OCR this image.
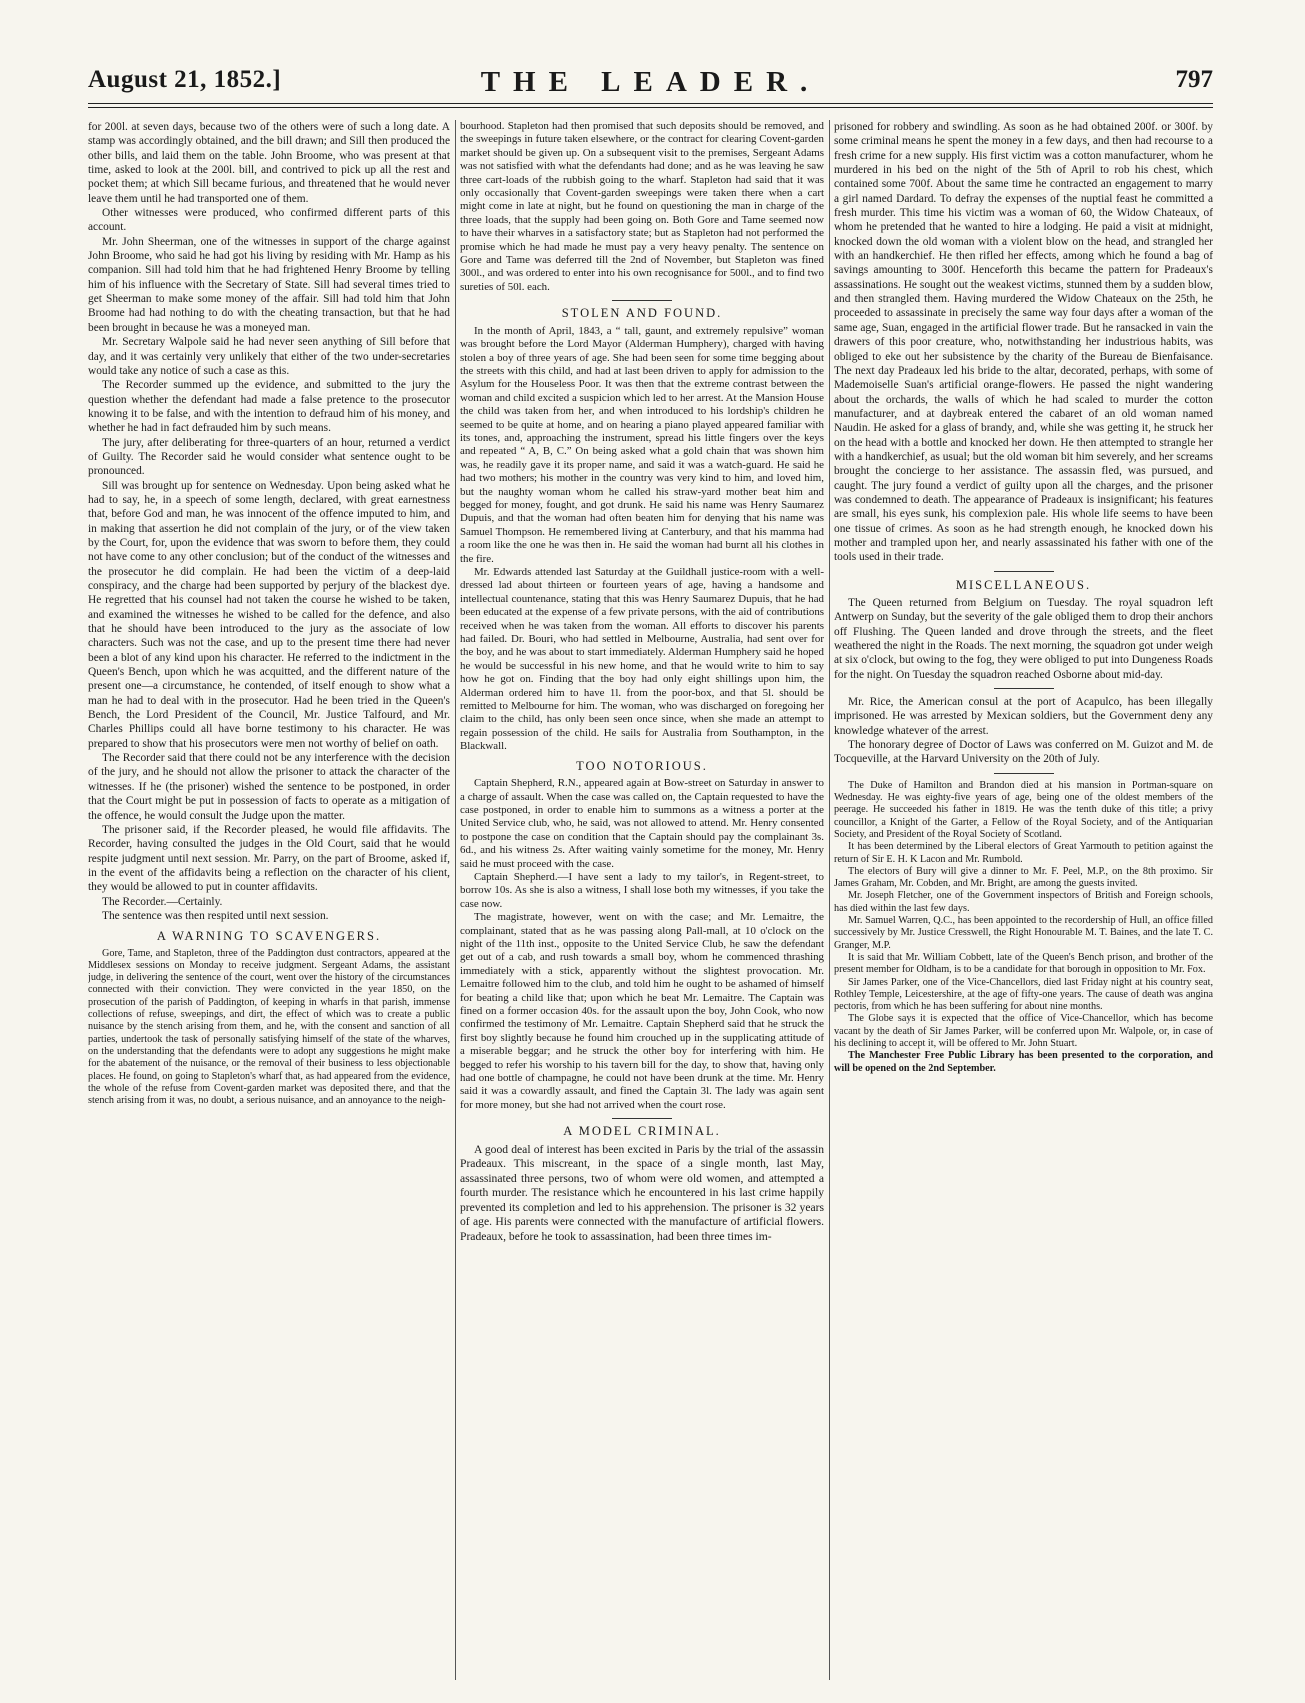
August 21, 1852.]	THE LEADER.	797

for 200l. at seven days, because two of the others were of such a long date. A stamp was accordingly obtained, and the bill drawn; and Sill then produced the other bills, and laid them on the table. John Broome, who was present at that time, asked to look at the 200l. bill, and contrived to pick up all the rest and pocket them; at which Sill became furious, and threatened that he would never leave them until he had transported one of them.

Other witnesses were produced, who confirmed different parts of this account.

Mr. John Sheerman, one of the witnesses in support of the charge against John Broome, who said he had got his living by residing with Mr. Hamp as his companion. Sill had told him that he had frightened Henry Broome by telling him of his influence with the Secretary of State. Sill had several times tried to get Sheerman to make some money of the affair. Sill had told him that John Broome had had nothing to do with the cheating transaction, but that he had been brought in because he was a moneyed man.

Mr. Secretary Walpole said he had never seen anything of Sill before that day, and it was certainly very unlikely that either of the two under-secretaries would take any notice of such a case as this.

The Recorder summed up the evidence, and submitted to the jury the question whether the defendant had made a false pretence to the prosecutor knowing it to be false, and with the intention to defraud him of his money, and whether he had in fact defrauded him by such means.

The jury, after deliberating for three-quarters of an hour, returned a verdict of Guilty. The Recorder said he would consider what sentence ought to be pronounced.

Sill was brought up for sentence on Wednesday. Upon being asked what he had to say, he, in a speech of some length, declared, with great earnestness that, before God and man, he was innocent of the offence imputed to him, and in making that assertion he did not complain of the jury, or of the view taken by the Court, for, upon the evidence that was sworn to before them, they could not have come to any other conclusion; but of the conduct of the witnesses and the prosecutor he did complain. He had been the victim of a deep-laid conspiracy, and the charge had been supported by perjury of the blackest dye. He regretted that his counsel had not taken the course he wished to be taken, and examined the witnesses he wished to be called for the defence, and also that he should have been introduced to the jury as the associate of low characters. Such was not the case, and up to the present time there had never been a blot of any kind upon his character. He referred to the indictment in the Queen's Bench, upon which he was acquitted, and the different nature of the present one—a circumstance, he contended, of itself enough to show what a man he had to deal with in the prosecutor. Had he been tried in the Queen's Bench, the Lord President of the Council, Mr. Justice Talfourd, and Mr. Charles Phillips could all have borne testimony to his character. He was prepared to show that his prosecutors were men not worthy of belief on oath.

The Recorder said that there could not be any interference with the decision of the jury, and he should not allow the prisoner to attack the character of the witnesses. If he (the prisoner) wished the sentence to be postponed, in order that the Court might be put in possession of facts to operate as a mitigation of the offence, he would consult the Judge upon the matter.

The prisoner said, if the Recorder pleased, he would file affidavits. The Recorder, having consulted the judges in the Old Court, said that he would respite judgment until next session. Mr. Parry, on the part of Broome, asked if, in the event of the affidavits being a reflection on the character of his client, they would be allowed to put in counter affidavits.

The Recorder.—Certainly.

The sentence was then respited until next session.

A WARNING TO SCAVENGERS.

Gore, Tame, and Stapleton, three of the Paddington dust contractors, appeared at the Middlesex sessions on Monday to receive judgment. Sergeant Adams, the assistant judge, in delivering the sentence of the court, went over the history of the circumstances connected with their conviction. They were convicted in the year 1850, on the prosecution of the parish of Paddington, of keeping in wharfs in that parish, immense collections of refuse, sweepings, and dirt, the effect of which was to create a public nuisance by the stench arising from them, and he, with the consent and sanction of all parties, undertook the task of personally satisfying himself of the state of the wharves, on the understanding that the defendants were to adopt any suggestions he might make for the abatement of the nuisance, or the removal of their business to less objectionable places. He found, on going to Stapleton's wharf that, as had appeared from the evidence, the whole of the refuse from Covent-garden market was deposited there, and that the stench arising from it was, no doubt, a serious nuisance, and an annoyance to the neigh-

bourhood. Stapleton had then promised that such deposits should be removed, and the sweepings in future taken elsewhere, or the contract for clearing Covent-garden market should be given up. On a subsequent visit to the premises, Sergeant Adams was not satisfied with what the defendants had done; and as he was leaving he saw three cart-loads of the rubbish going to the wharf. Stapleton had said that it was only occasionally that Covent-garden sweepings were taken there when a cart might come in late at night, but he found on questioning the man in charge of the three loads, that the supply had been going on. Both Gore and Tame seemed now to have their wharves in a satisfactory state; but as Stapleton had not performed the promise which he had made he must pay a very heavy penalty. The sentence on Gore and Tame was deferred till the 2nd of November, but Stapleton was fined 300l., and was ordered to enter into his own recognisance for 500l., and to find two sureties of 50l. each.

STOLEN AND FOUND.

In the month of April, 1843, a “ tall, gaunt, and extremely repulsive” woman was brought before the Lord Mayor (Alderman Humphery), charged with having stolen a boy of three years of age. She had been seen for some time begging about the streets with this child, and had at last been driven to apply for admission to the Asylum for the Houseless Poor. It was then that the extreme contrast between the woman and child excited a suspicion which led to her arrest. At the Mansion House the child was taken from her, and when introduced to his lordship's children he seemed to be quite at home, and on hearing a piano played appeared familiar with its tones, and, approaching the instrument, spread his little fingers over the keys and repeated “ A, B, C.” On being asked what a gold chain that was shown him was, he readily gave it its proper name, and said it was a watch-guard. He said he had two mothers; his mother in the country was very kind to him, and loved him, but the naughty woman whom he called his straw-yard mother beat him and begged for money, fought, and got drunk. He said his name was Henry Saumarez Dupuis, and that the woman had often beaten him for denying that his name was Samuel Thompson. He remembered living at Canterbury, and that his mamma had a room like the one he was then in. He said the woman had burnt all his clothes in the fire.

Mr. Edwards attended last Saturday at the Guildhall justice-room with a well-dressed lad about thirteen or fourteen years of age, having a handsome and intellectual countenance, stating that this was Henry Saumarez Dupuis, that he had been educated at the expense of a few private persons, with the aid of contributions received when he was taken from the woman. All efforts to discover his parents had failed. Dr. Bouri, who had settled in Melbourne, Australia, had sent over for the boy, and he was about to start immediately. Alderman Humphery said he hoped he would be successful in his new home, and that he would write to him to say how he got on. Finding that the boy had only eight shillings upon him, the Alderman ordered him to have 1l. from the poor-box, and that 5l. should be remitted to Melbourne for him. The woman, who was discharged on foregoing her claim to the child, has only been seen once since, when she made an attempt to regain possession of the child. He sails for Australia from Southampton, in the Blackwall.

TOO NOTORIOUS.

Captain Shepherd, R.N., appeared again at Bow-street on Saturday in answer to a charge of assault. When the case was called on, the Captain requested to have the case postponed, in order to enable him to summons as a witness a porter at the United Service club, who, he said, was not allowed to attend. Mr. Henry consented to postpone the case on condition that the Captain should pay the complainant 3s. 6d., and his witness 2s. After waiting vainly sometime for the money, Mr. Henry said he must proceed with the case.

Captain Shepherd.—I have sent a lady to my tailor's, in Regent-street, to borrow 10s. As she is also a witness, I shall lose both my witnesses, if you take the case now.

The magistrate, however, went on with the case; and Mr. Lemaitre, the complainant, stated that as he was passing along Pall-mall, at 10 o'clock on the night of the 11th inst., opposite to the United Service Club, he saw the defendant get out of a cab, and rush towards a small boy, whom he commenced thrashing immediately with a stick, apparently without the slightest provocation. Mr. Lemaitre followed him to the club, and told him he ought to be ashamed of himself for beating a child like that; upon which he beat Mr. Lemaitre. The Captain was fined on a former occasion 40s. for the assault upon the boy, John Cook, who now confirmed the testimony of Mr. Lemaitre. Captain Shepherd said that he struck the first boy slightly because he found him crouched up in the supplicating attitude of a miserable beggar; and he struck the other boy for interfering with him. He begged to refer his worship to his tavern bill for the day, to show that, having only had one bottle of champagne, he could not have been drunk at the time. Mr. Henry said it was a cowardly assault, and fined the Captain 3l. The lady was again sent for more money, but she had not arrived when the court rose.

A MODEL CRIMINAL.

A good deal of interest has been excited in Paris by the trial of the assassin Pradeaux. This miscreant, in the space of a single month, last May, assassinated three persons, two of whom were old women, and attempted a fourth murder. The resistance which he encountered in his last crime happily prevented its completion and led to his apprehension. The prisoner is 32 years of age. His parents were connected with the manufacture of artificial flowers. Pradeaux, before he took to assassination, had been three times im-

prisoned for robbery and swindling. As soon as he had obtained 200f. or 300f. by some criminal means he spent the money in a few days, and then had recourse to a fresh crime for a new supply. His first victim was a cotton manufacturer, whom he murdered in his bed on the night of the 5th of April to rob his chest, which contained some 700f. About the same time he contracted an engagement to marry a girl named Dardard. To defray the expenses of the nuptial feast he committed a fresh murder. This time his victim was a woman of 60, the Widow Chateaux, of whom he pretended that he wanted to hire a lodging. He paid a visit at midnight, knocked down the old woman with a violent blow on the head, and strangled her with an handkerchief. He then rifled her effects, among which he found a bag of savings amounting to 300f. Henceforth this became the pattern for Pradeaux's assassinations. He sought out the weakest victims, stunned them by a sudden blow, and then strangled them. Having murdered the Widow Chateaux on the 25th, he proceeded to assassinate in precisely the same way four days after a woman of the same age, Suan, engaged in the artificial flower trade. But he ransacked in vain the drawers of this poor creature, who, notwithstanding her industrious habits, was obliged to eke out her subsistence by the charity of the Bureau de Bienfaisance. The next day Pradeaux led his bride to the altar, decorated, perhaps, with some of Mademoiselle Suan's artificial orange-flowers. He passed the night wandering about the orchards, the walls of which he had scaled to murder the cotton manufacturer, and at daybreak entered the cabaret of an old woman named Naudin. He asked for a glass of brandy, and, while she was getting it, he struck her on the head with a bottle and knocked her down. He then attempted to strangle her with a handkerchief, as usual; but the old woman bit him severely, and her screams brought the concierge to her assistance. The assassin fled, was pursued, and caught. The jury found a verdict of guilty upon all the charges, and the prisoner was condemned to death. The appearance of Pradeaux is insignificant; his features are small, his eyes sunk, his complexion pale. His whole life seems to have been one tissue of crimes. As soon as he had strength enough, he knocked down his mother and trampled upon her, and nearly assassinated his father with one of the tools used in their trade.

MISCELLANEOUS.

The Queen returned from Belgium on Tuesday. The royal squadron left Antwerp on Sunday, but the severity of the gale obliged them to drop their anchors off Flushing. The Queen landed and drove through the streets, and the fleet weathered the night in the Roads. The next morning, the squadron got under weigh at six o'clock, but owing to the fog, they were obliged to put into Dungeness Roads for the night. On Tuesday the squadron reached Osborne about mid-day.

Mr. Rice, the American consul at the port of Acapulco, has been illegally imprisoned. He was arrested by Mexican soldiers, but the Government deny any knowledge whatever of the arrest.

The honorary degree of Doctor of Laws was conferred on M. Guizot and M. de Tocqueville, at the Harvard University on the 20th of July.

The Duke of Hamilton and Brandon died at his mansion in Portman-square on Wednesday. He was eighty-five years of age, being one of the oldest members of the peerage. He succeeded his father in 1819. He was the tenth duke of this title; a privy councillor, a Knight of the Garter, a Fellow of the Royal Society, and of the Antiquarian Society, and President of the Royal Society of Scotland.

It has been determined by the Liberal electors of Great Yarmouth to petition against the return of Sir E. H. K Lacon and Mr. Rumbold.

The electors of Bury will give a dinner to Mr. F. Peel, M.P., on the 8th proximo. Sir James Graham, Mr. Cobden, and Mr. Bright, are among the guests invited.

Mr. Joseph Fletcher, one of the Government inspectors of British and Foreign schools, has died within the last few days.

Mr. Samuel Warren, Q.C., has been appointed to the recordership of Hull, an office filled successively by Mr. Justice Cresswell, the Right Honourable M. T. Baines, and the late T. C. Granger, M.P.

It is said that Mr. William Cobbett, late of the Queen's Bench prison, and brother of the present member for Oldham, is to be a candidate for that borough in opposition to Mr. Fox.

Sir James Parker, one of the Vice-Chancellors, died last Friday night at his country seat, Rothley Temple, Leicestershire, at the age of fifty-one years. The cause of death was angina pectoris, from which he has been suffering for about nine months.

The Globe says it is expected that the office of Vice-Chancellor, which has become vacant by the death of Sir James Parker, will be conferred upon Mr. Walpole, or, in case of his declining to accept it, will be offered to Mr. John Stuart.

The Manchester Free Public Library has been presented to the corporation, and will be opened on the 2nd September.
